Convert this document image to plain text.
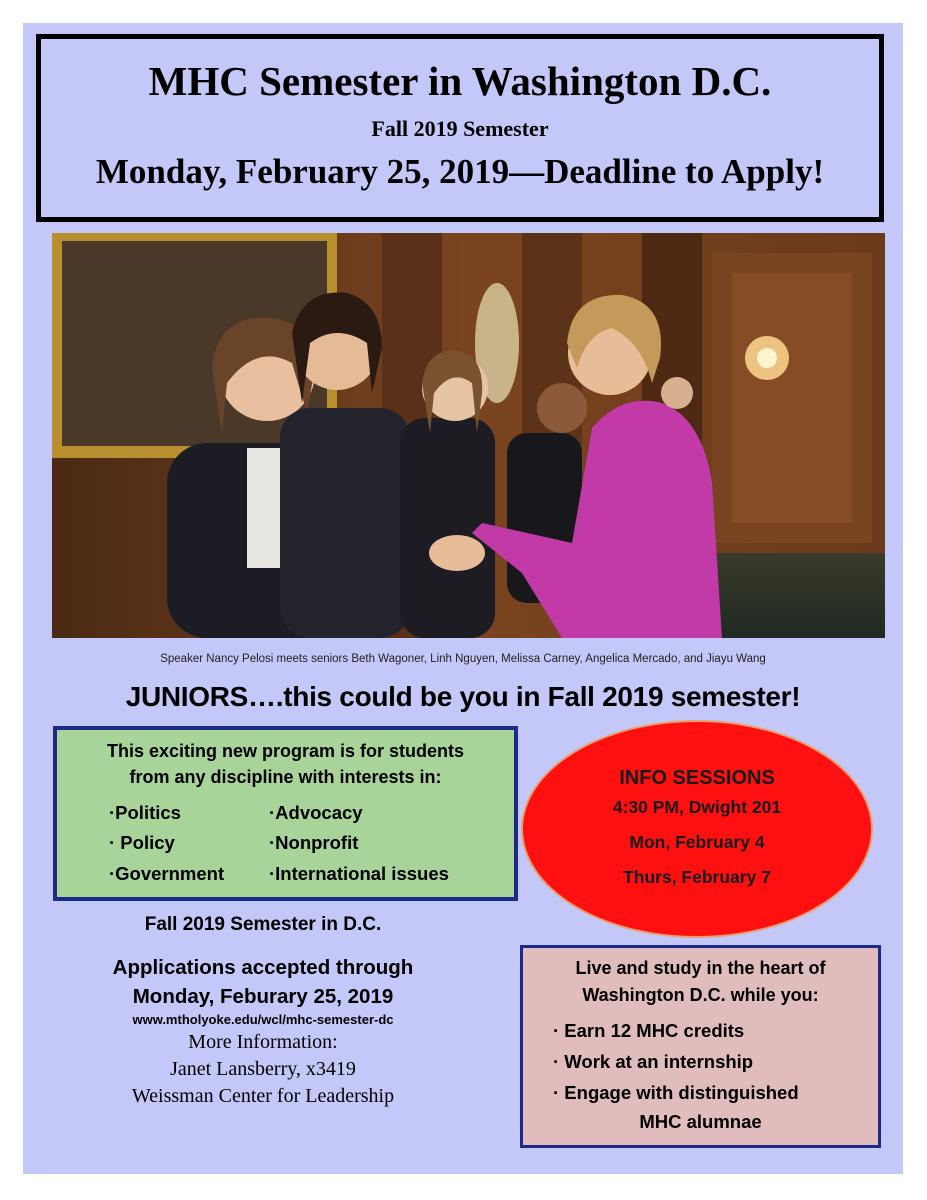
MHC Semester in Washington D.C.
Fall 2019 Semester
Monday, February 25, 2019—Deadline to Apply!
Speaker Nancy Pelosi meets seniors Beth Wagoner, Linh Nguyen, Melissa Carney, Angelica Mercado, and Jiayu Wang
JUNIORS….this could be you in Fall 2019 semester!
This exciting new program is for students
from any discipline with interests in:
·Politics
· Policy
·Government
·Advocacy
·Nonprofit
·International issues
INFO SESSIONS
4:30 PM, Dwight 201
Mon, February 4
Thurs, February 7
Fall 2019 Semester in D.C.
Applications accepted through
Monday, Feburary 25, 2019
www.mtholyoke.edu/wcl/mhc-semester-dc
More Information:
Janet Lansberry, x3419
Weissman Center for Leadership
Live and study in the heart of
Washington D.C. while you:
· Earn 12 MHC credits
· Work at an internship
· Engage with distinguished
MHC alumnae
